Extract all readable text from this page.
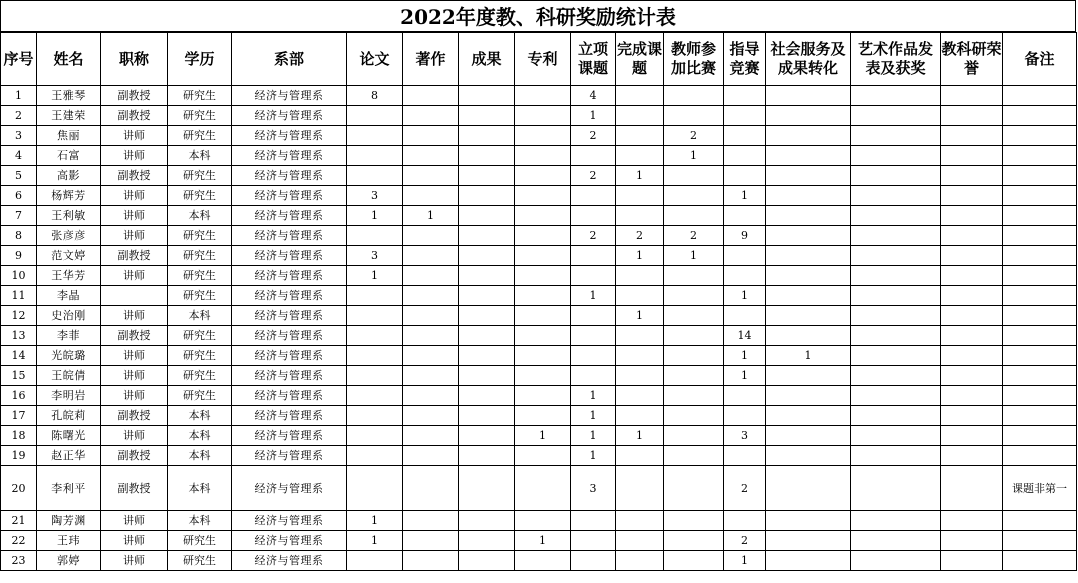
2022年度教、科研奖励统计表
序号	姓名	职称	学历	系部	论文	著作	成果	专利	立项课题	完成课题	教师参加比赛	指导竞赛	社会服务及成果转化	艺术作品发表及获奖	教科研荣誉	备注
1	王雅琴	副教授	研究生	经济与管理系	8				4							
2	王建荣	副教授	研究生	经济与管理系					1							
3	焦丽	讲师	研究生	经济与管理系					2		2					
4	石富	讲师	本科	经济与管理系							1					
5	高影	副教授	研究生	经济与管理系					2	1						
6	杨辉芳	讲师	研究生	经济与管理系	3							1				
7	王利敏	讲师	本科	经济与管理系	1	1										
8	张彦彦	讲师	研究生	经济与管理系					2	2	2	9				
9	范文婷	副教授	研究生	经济与管理系	3					1	1					
10	王华芳	讲师	研究生	经济与管理系	1											
11	李晶		研究生	经济与管理系					1			1				
12	史治刚	讲师	本科	经济与管理系						1						
13	李菲	副教授	研究生	经济与管理系								14				
14	光皖璐	讲师	研究生	经济与管理系								1	1			
15	王皖倩	讲师	研究生	经济与管理系								1				
16	李明岩	讲师	研究生	经济与管理系					1							
17	孔皖莉	副教授	本科	经济与管理系					1							
18	陈曙光	讲师	本科	经济与管理系				1	1	1		3				
19	赵正华	副教授	本科	经济与管理系					1							
20	李利平	副教授	本科	经济与管理系					3			2				课题非第一
21	陶芳渊	讲师	本科	经济与管理系	1											
22	王玮	讲师	研究生	经济与管理系	1			1				2				
23	郭婷	讲师	研究生	经济与管理系								1				
